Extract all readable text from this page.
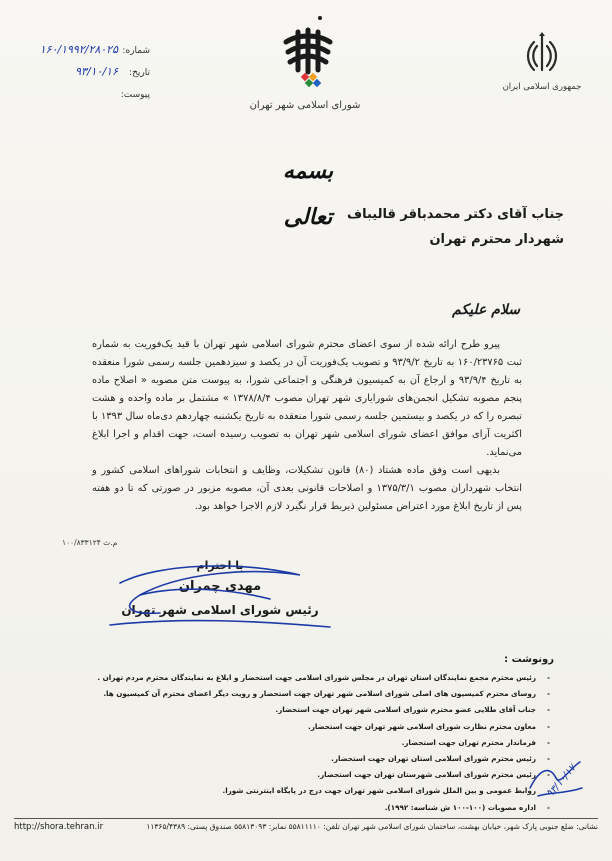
جمهوری اسلامی ایران
شورای اسلامی شهر تهران
شماره:
۱۶۰/۱۹۹۲/۲۸۰۲۵
تاریخ:
۹۳/۱۰/۱۶
پیوست:
بسمه تعالی	جناب آقای دکتر محمدباقر قالیباف
شهردار محترم تهران
سلام علیکم

پیرو طرح ارائه شده از سوی اعضای محترم شورای اسلامی شهر تهران با قید یک‌فوریت به شماره ثبت ۱۶۰/۲۳۷۶۵ به تاریخ ۹۳/۹/۲ و تصویب یک‌فوریت آن در یکصد و سیزدهمین جلسه رسمی شورا منعقده به تاریخ ۹۳/۹/۴ و ارجاع آن به کمیسیون فرهنگی و اجتماعی شورا، به پیوست متن مصوبه « اصلاح ماده پنجم مصوبه تشکیل انجمن‌های شورایاری شهر تهران مصوب ۱۳۷۸/۸/۴ » مشتمل بر ماده واحده و هشت تبصره را که در یکصد و بیستمین جلسه رسمی شورا منعقده به تاریخ یکشنبه چهاردهم دی‌ماه سال ۱۳۹۳ با اکثریت آرای موافق اعضای شورای اسلامی شهر تهران به تصویب رسیده است، جهت اقدام و اجرا ابلاغ می‌نماید.

بدیهی است وفق ماده هشتاد (۸۰) قانون تشکیلات، وظایف و انتخابات شوراهای اسلامی کشور و انتخاب شهرداران مصوب ۱۳۷۵/۳/۱ و اصلاحات قانونی بعدی آن، مصوبه مزبور در صورتی که تا دو هفته پس از تاریخ ابلاغ مورد اعتراض مسئولین ذیربط قرار نگیرد لازم الاجرا خواهد بود.

۱۰۰/۸۳۳۱۲۴ م.ث
با احترام
مهدی چمران
رئیس شورای اسلامی شهر تهران
رونوشت :
- رئیس محترم مجمع نمایندگان استان تهران در مجلس شورای اسلامی جهت استحضار و ابلاغ به نمایندگان محترم مردم تهران .
- روسای محترم کمیسیون های اصلی شورای اسلامی شهر تهران جهت استحضار و رویت دیگر اعضای محترم آن کمیسیون ها.
- جناب آقای طلایی عضو محترم شورای اسلامی شهر تهران جهت استحضار.
- معاون محترم نظارت شورای اسلامی شهر تهران جهت استحضار.
- فرماندار محترم تهران جهت استحضار.
- رئیس محترم شورای اسلامی استان تهران جهت استحضار.
- رئیس محترم شورای اسلامی شهرستان تهران جهت استحضار.
- روابط عمومی و بین الملل شورای اسلامی شهر تهران جهت درج در پایگاه اینترنتی شورا.
- اداره مصوبات (۱۰۰-۱۰۰ ش شناسه: ۱۹۹۲).
۹۳/۱۰/۱۷
http://shora.tehran.ir	نشانی: ضلع جنوبی پارک شهر، خیابان بهشت، ساختمان شورای اسلامی شهر تهران تلفن: ۵۵۸۱۱۱۱۰ نمابر: ۵۵۸۱۳۰۹۳ صندوق پستی: ۱۱۳۶۵/۴۳۸۹
